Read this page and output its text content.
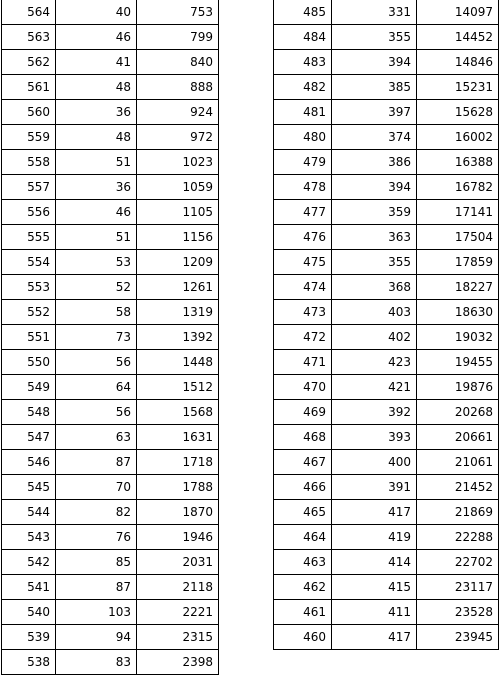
564	40	753
563	46	799
562	41	840
561	48	888
560	36	924
559	48	972
558	51	1023
557	36	1059
556	46	1105
555	51	1156
554	53	1209
553	52	1261
552	58	1319
551	73	1392
550	56	1448
549	64	1512
548	56	1568
547	63	1631
546	87	1718
545	70	1788
544	82	1870
543	76	1946
542	85	2031
541	87	2118
540	103	2221
539	94	2315
538	83	2398
485	331	14097
484	355	14452
483	394	14846
482	385	15231
481	397	15628
480	374	16002
479	386	16388
478	394	16782
477	359	17141
476	363	17504
475	355	17859
474	368	18227
473	403	18630
472	402	19032
471	423	19455
470	421	19876
469	392	20268
468	393	20661
467	400	21061
466	391	21452
465	417	21869
464	419	22288
463	414	22702
462	415	23117
461	411	23528
460	417	23945
